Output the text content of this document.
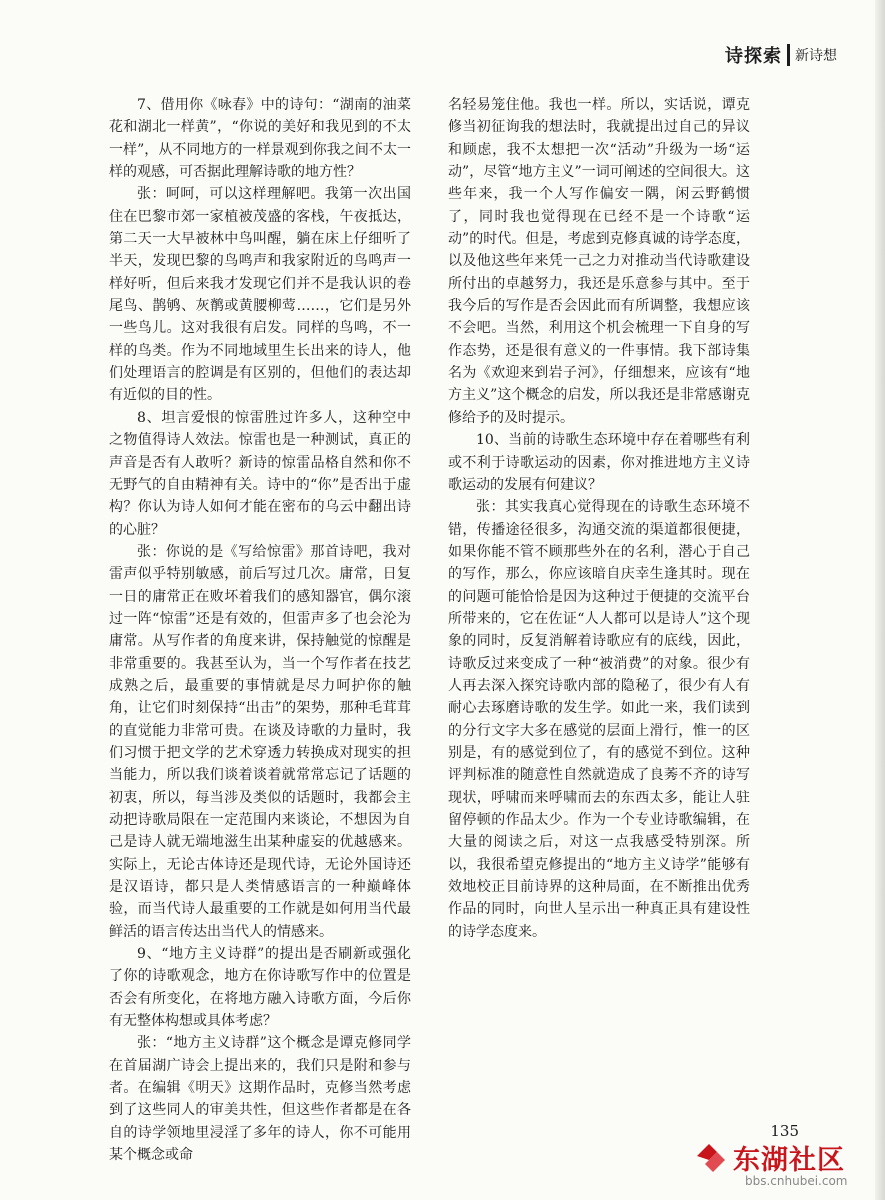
诗探索 新诗想

7、借用你《咏春》中的诗句：“湖南的油菜花和湖北一样黄”，“你说的美好和我见到的不太一样”，从不同地方的一样景观到你我之间不太一样的观感，可否据此理解诗歌的地方性？

张：呵呵，可以这样理解吧。我第一次出国住在巴黎市郊一家植被茂盛的客栈，午夜抵达，第二天一大早被林中鸟叫醒，躺在床上仔细听了半天，发现巴黎的鸟鸣声和我家附近的鸟鸣声一样好听，但后来我才发现它们并不是我认识的卷尾鸟、鹊鸲、灰鹡或黄腰柳莺……，它们是另外一些鸟儿。这对我很有启发。同样的鸟鸣，不一样的鸟类。作为不同地域里生长出来的诗人，他们处理语言的腔调是有区别的，但他们的表达却有近似的目的性。

8、坦言爱恨的惊雷胜过许多人，这种空中之物值得诗人效法。惊雷也是一种测试，真正的声音是否有人敢听？新诗的惊雷品格自然和你不无野气的自由精神有关。诗中的“你”是否出于虚构？你认为诗人如何才能在密布的乌云中翻出诗的心脏？

张：你说的是《写给惊雷》那首诗吧，我对雷声似乎特别敏感，前后写过几次。庸常，日复一日的庸常正在败坏着我们的感知器官，偶尔滚过一阵“惊雷”还是有效的，但雷声多了也会沦为庸常。从写作者的角度来讲，保持触觉的惊醒是非常重要的。我甚至认为，当一个写作者在技艺成熟之后，最重要的事情就是尽力呵护你的触角，让它们时刻保持“出击”的架势，那种毛茸茸的直觉能力非常可贵。在谈及诗歌的力量时，我们习惯于把文学的艺术穿透力转换成对现实的担当能力，所以我们谈着谈着就常常忘记了话题的初衷，所以，每当涉及类似的话题时，我都会主动把诗歌局限在一定范围内来谈论，不想因为自己是诗人就无端地滋生出某种虚妄的优越感来。实际上，无论古体诗还是现代诗，无论外国诗还是汉语诗，都只是人类情感语言的一种巅峰体验，而当代诗人最重要的工作就是如何用当代最鲜活的语言传达出当代人的情感来。

9、“地方主义诗群”的提出是否刷新或强化了你的诗歌观念，地方在你诗歌写作中的位置是否会有所变化，在将地方融入诗歌方面，今后你有无整体构想或具体考虑？

张：“地方主义诗群”这个概念是谭克修同学在首届湖广诗会上提出来的，我们只是附和参与者。在编辑《明天》这期作品时，克修当然考虑到了这些同人的审美共性，但这些作者都是在各自的诗学领地里浸淫了多年的诗人，你不可能用某个概念或命

名轻易笼住他。我也一样。所以，实话说，谭克修当初征询我的想法时，我就提出过自己的异议和顾虑，我不太想把一次“活动”升级为一场“运动”，尽管“地方主义”一词可阐述的空间很大。这些年来，我一个人写作偏安一隅，闲云野鹤惯了，同时我也觉得现在已经不是一个诗歌“运动”的时代。但是，考虑到克修真诚的诗学态度，以及他这些年来凭一己之力对推动当代诗歌建设所付出的卓越努力，我还是乐意参与其中。至于我今后的写作是否会因此而有所调整，我想应该不会吧。当然，利用这个机会梳理一下自身的写作态势，还是很有意义的一件事情。我下部诗集名为《欢迎来到岩子河》，仔细想来，应该有“地方主义”这个概念的启发，所以我还是非常感谢克修给予的及时提示。

10、当前的诗歌生态环境中存在着哪些有利或不利于诗歌运动的因素，你对推进地方主义诗歌运动的发展有何建议？

张：其实我真心觉得现在的诗歌生态环境不错，传播途径很多，沟通交流的渠道都很便捷，如果你能不管不顾那些外在的名利，潜心于自己的写作，那么，你应该暗自庆幸生逢其时。现在的问题可能恰恰是因为这种过于便捷的交流平台所带来的，它在佐证“人人都可以是诗人”这个现象的同时，反复消解着诗歌应有的底线，因此，诗歌反过来变成了一种“被消费”的对象。很少有人再去深入探究诗歌内部的隐秘了，很少有人有耐心去琢磨诗歌的发生学。如此一来，我们读到的分行文字大多在感觉的层面上滑行，惟一的区别是，有的感觉到位了，有的感觉不到位。这种评判标准的随意性自然就造成了良莠不齐的诗写现状，呼啸而来呼啸而去的东西太多，能让人驻留停顿的作品太少。作为一个专业诗歌编辑，在大量的阅读之后，对这一点我感受特别深。所以，我很希望克修提出的“地方主义诗学”能够有效地校正目前诗界的这种局面，在不断推出优秀作品的同时，向世人呈示出一种真正具有建设性的诗学态度来。

135
东湖社区
bbs.cnhubei.com
